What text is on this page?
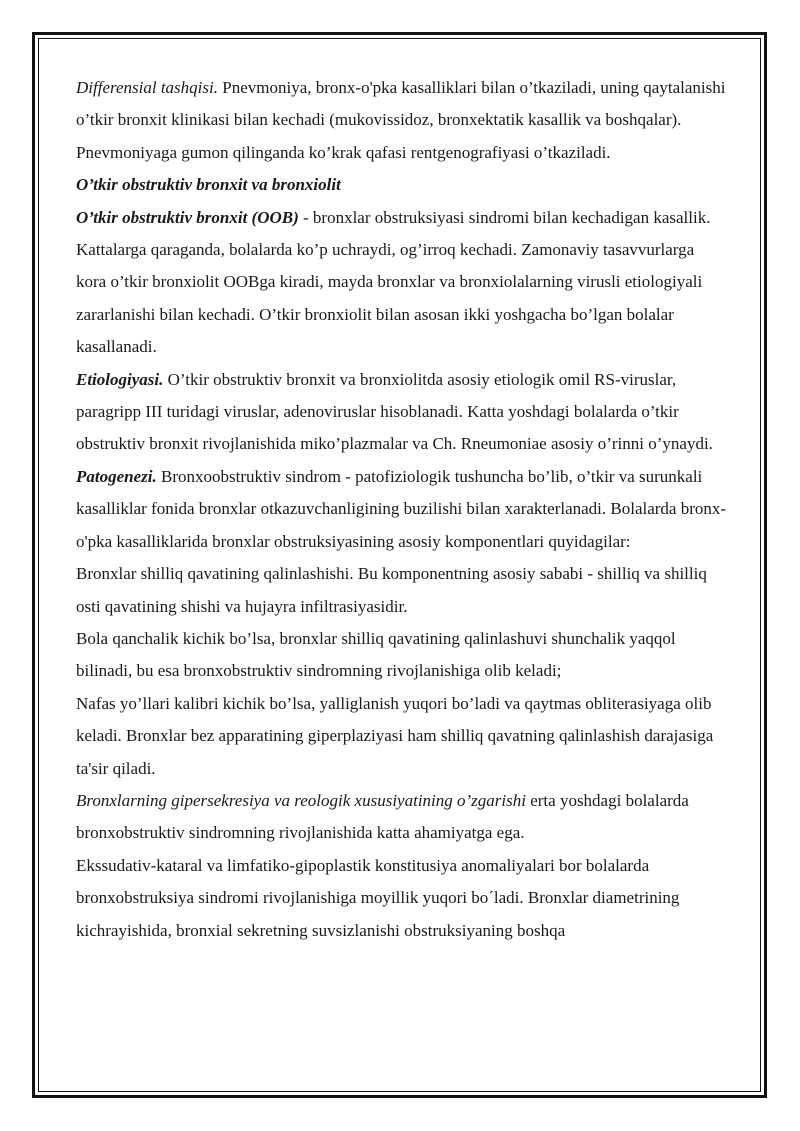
Differensial tashqisi. Pnevmoniya, bronx-o'pka kasalliklari bilan o’tkaziladi, uning qaytalanishi o’tkir bronxit klinikasi bilan kechadi (mukovissidoz, bronxektatik kasallik va boshqalar). Pnevmoniyaga gumon qilinganda ko’krak qafasi rentgenografiyasi o’tkaziladi.

O’tkir obstruktiv bronxit va bronxiolit

O’tkir obstruktiv bronxit (OOB) - bronxlar obstruksiyasi sindromi bilan kechadigan kasallik. Kattalarga qaraganda, bolalarda ko’p uchraydi, og’irroq kechadi. Zamonaviy tasavvurlarga kora o’tkir bronxiolit OOBga kiradi, mayda bronxlar va bronxiolalarning virusli etiologiyali zararlanishi bilan kechadi. O’tkir bronxiolit bilan asosan ikki yoshgacha bo’lgan bolalar kasallanadi.

Etiologiyasi. O’tkir obstruktiv bronxit va bronxiolitda asosiy etiologik omil RS-viruslar, paragripp III turidagi viruslar, adenoviruslar hisoblanadi. Katta yoshdagi bolalarda o’tkir obstruktiv bronxit rivojlanishida miko’plazmalar va Ch. Rneumoniae asosiy o’rinni o’ynaydi.

Patogenezi. Bronxoobstruktiv sindrom - patofiziologik tushuncha bo’lib, o’tkir va surunkali kasalliklar fonida bronxlar otkazuvchanligining buzilishi bilan xarakterlanadi. Bolalarda bronx-o'pka kasalliklarida bronxlar obstruksiyasining asosiy komponentlari quyidagilar:

Bronxlar shilliq qavatining qalinlashishi. Bu komponentning asosiy sababi - shilliq va shilliq osti qavatining shishi va hujayra infiltrasiyasidir.

Bola qanchalik kichik bo’lsa, bronxlar shilliq qavatining qalinlashuvi shunchalik yaqqol bilinadi, bu esa bronxobstruktiv sindromning rivojlanishiga olib keladi;

Nafas yo’llari kalibri kichik bo’lsa, yalliglanish yuqori bo’ladi va qaytmas obliterasiyaga olib keladi. Bronxlar bez apparatining giperplaziyasi ham shilliq qavatning qalinlashish darajasiga ta'sir qiladi.

Bronxlarning gipersekresiya va reologik xususiyatining o’zgarishi erta yoshdagi bolalarda bronxobstruktiv sindromning rivojlanishida katta ahamiyatga ega.

Ekssudativ-kataral va limfatiko-gipoplastik konstitusiya anomaliyalari bor bolalarda bronxobstruksiya sindromi rivojlanishiga moyillik yuqori bo´ladi. Bronxlar diametrining kichrayishida, bronxial sekretning suvsizlanishi obstruksiyaning boshqa
